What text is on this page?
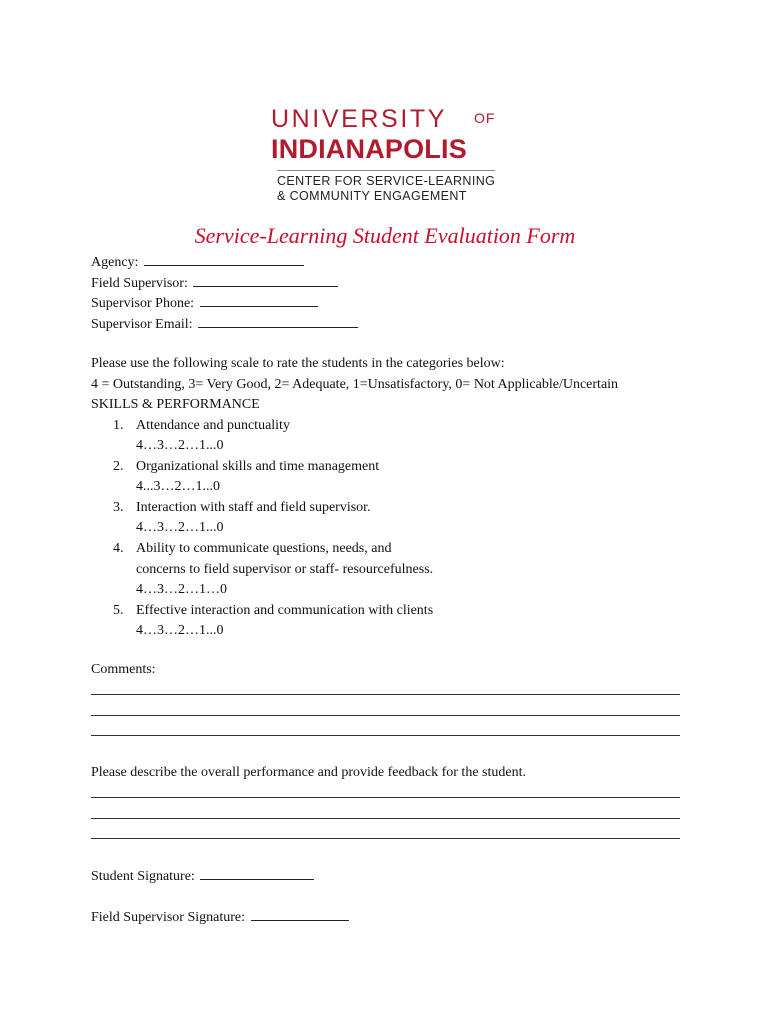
UNIVERSITY OF
INDIANAPOLIS
CENTER FOR SERVICE-LEARNING
& COMMUNITY ENGAGEMENT
Service-Learning Student Evaluation Form
Agency:
Field Supervisor:
Supervisor Phone:
Supervisor Email:
Please use the following scale to rate the students in the categories below:
4 = Outstanding, 3= Very Good, 2= Adequate, 1=Unsatisfactory, 0= Not Applicable/Uncertain
SKILLS & PERFORMANCE
1. Attendance and punctuality
4…3…2…1...0
2. Organizational skills and time management
4...3…2…1...0
3. Interaction with staff and field supervisor.
4…3…2…1...0
4. Ability to communicate questions, needs, and
concerns to field supervisor or staff- resourcefulness.
4…3…2…1…0
5. Effective interaction and communication with clients
4…3…2…1...0
Comments:
Please describe the overall performance and provide feedback for the student.
Student Signature:
Field Supervisor Signature:
